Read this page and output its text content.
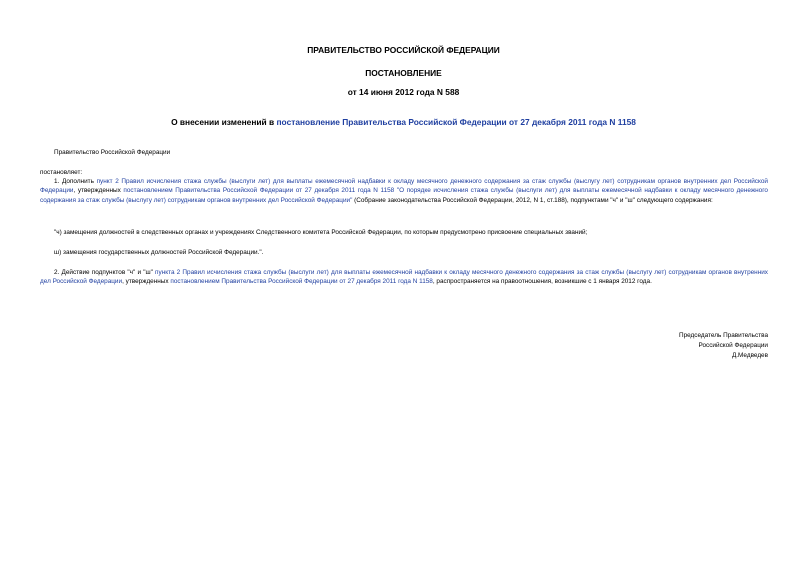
ПРАВИТЕЛЬСТВО РОССИЙСКОЙ ФЕДЕРАЦИИ
ПОСТАНОВЛЕНИЕ
от 14 июня 2012 года N 588
О внесении изменений в постановление Правительства Российской Федерации от 27 декабря 2011 года N 1158
Правительство Российской Федерации
постановляет:
1. Дополнить пункт 2 Правил исчисления стажа службы (выслуги лет) для выплаты ежемесячной надбавки к окладу месячного денежного содержания за стаж службы (выслугу лет) сотрудникам органов внутренних дел Российской Федерации, утвержденных постановлением Правительства Российской Федерации от 27 декабря 2011 года N 1158 "О порядке исчисления стажа службы (выслуги лет) для выплаты ежемесячной надбавки к окладу месячного денежного содержания за стаж службы (выслугу лет) сотрудникам органов внутренних дел Российской Федерации" (Собрание законодательства Российской Федерации, 2012, N 1, ст.188), подпунктами "ч" и "ш" следующего содержания:
"ч) замещения должностей в следственных органах и учреждениях Следственного комитета Российской Федерации, по которым предусмотрено присвоение специальных званий;
ш) замещения государственных должностей Российской Федерации.".
2. Действие подпунктов "ч" и "ш" пункта 2 Правил исчисления стажа службы (выслуги лет) для выплаты ежемесячной надбавки к окладу месячного денежного содержания за стаж службы (выслугу лет) сотрудникам органов внутренних дел Российской Федерации, утвержденных постановлением Правительства Российской Федерации от 27 декабря 2011 года N 1158, распространяется на правоотношения, возникшие с 1 января 2012 года.
Председатель Правительства
Российской Федерации
Д.Медведев
